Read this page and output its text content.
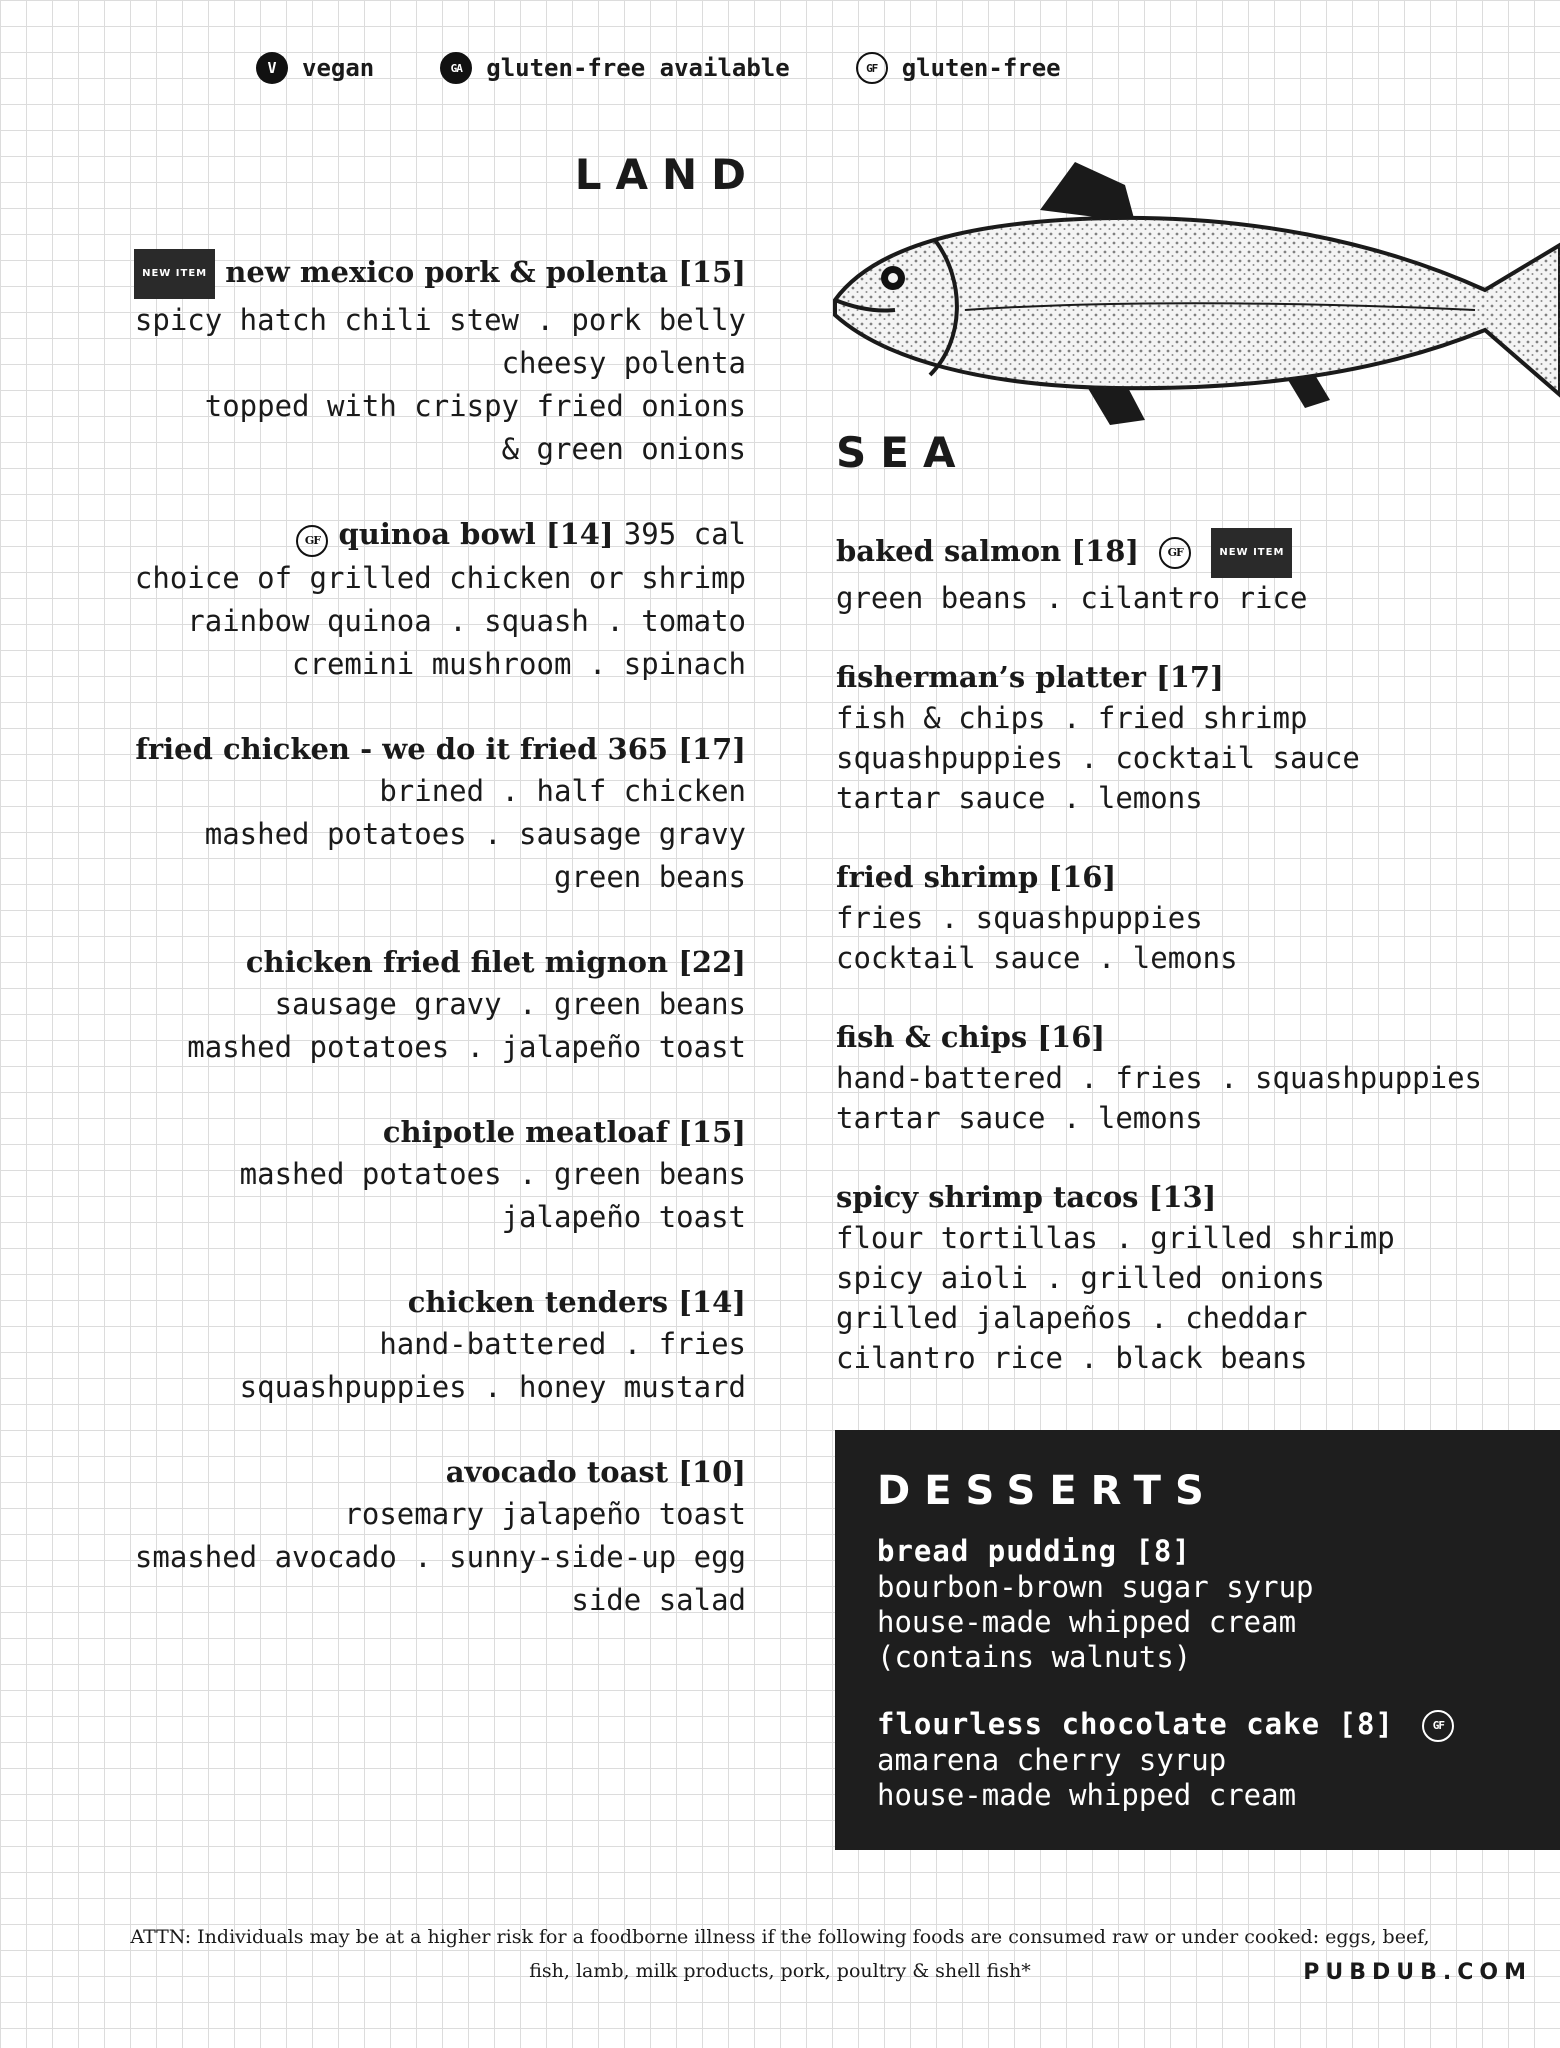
V	vegan	GA	gluten-free available	GF	gluten-free
LAND
NEW ITEM new mexico pork & polenta [15]
spicy hatch chili stew . pork belly
cheesy polenta
topped with crispy fried onions
& green onions
GF quinoa bowl [14] 395 cal
choice of grilled chicken or shrimp
rainbow quinoa . squash . tomato
cremini mushroom . spinach
fried chicken - we do it fried 365 [17]
brined . half chicken
mashed potatoes . sausage gravy
green beans
chicken fried filet mignon [22]
sausage gravy . green beans
mashed potatoes . jalapeño toast
chipotle meatloaf [15]
mashed potatoes . green beans
jalapeño toast
chicken tenders [14]
hand-battered . fries
squashpuppies . honey mustard
avocado toast [10]
rosemary jalapeño toast
smashed avocado . sunny-side-up egg
side salad
SEA
baked salmon [18]	GF	NEW ITEM
green beans . cilantro rice
fisherman’s platter [17]
fish & chips . fried shrimp
squashpuppies . cocktail sauce
tartar sauce . lemons
fried shrimp [16]
fries . squashpuppies
cocktail sauce . lemons
fish & chips [16]
hand-battered . fries . squashpuppies
tartar sauce . lemons
spicy shrimp tacos [13]
flour tortillas . grilled shrimp
spicy aioli . grilled onions
grilled jalapeños . cheddar
cilantro rice . black beans
DESSERTS
bread pudding [8]
bourbon-brown sugar syrup
house-made whipped cream
(contains walnuts)
flourless chocolate cake [8]	GF
amarena cherry syrup
house-made whipped cream
ATTN: Individuals may be at a higher risk for a foodborne illness if the following foods are consumed raw or under cooked: eggs, beef, fish, lamb, milk products, pork, poultry & shell fish*	PUBDUB.COM
